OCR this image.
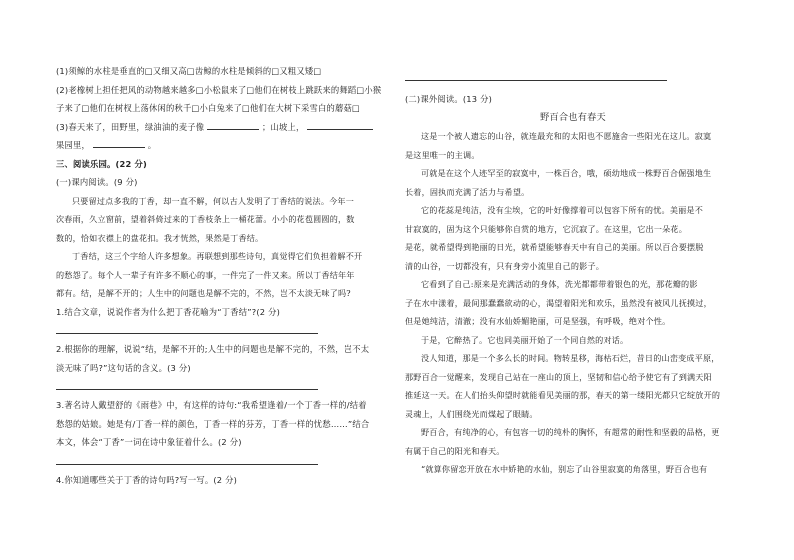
(1)须鲸的水柱是垂直的□又细又高□齿鲸的水柱是倾斜的□又粗又矮□
(2)老橡树上担任把风的动物越来越多□小松鼠来了□他们在树枝上跳跃来的舞蹈□小猴子来了□他们在树杈上荡休闲的秋千□小白兔来了□他们在大树下采雪白的蘑菇□
(3)春天来了，田野里，绿油油的麦子像	；山坡上，
果园里，	。
三、阅读乐园。(22 分)
(一)课内阅读。(9 分)
只要留过点多我的丁香，却一直不解，何以古人发明了丁香结的说法。今年一
次春雨，久立窗前，望着斜倚过来的丁香枝条上一桶花蕾。小小的花苞圆圆的，数
数的，恰如衣襟上的盘花扣。我才恍然，果然是丁香结。
丁香结，这三个字给人许多想象。再联想到那些诗句，真觉得它们负担着解不开
的愁怨了。每个人一辈子有许多不顺心的事，一件完了一件又来。所以丁香结年年
都有。结，是解不开的；人生中的问题也是解不完的，不然，岂不太淡无味了吗?
1.结合文章，说说作者为什么把丁香花喻为“丁香结”?(2 分)
2.根据你的理解，说说“结，是解不开的;人生中的问题也是解不完的，不然，岂不太
淡无味了吗?”这句话的含义。(3 分)
3.著名诗人戴望舒的《雨巷》中，有这样的诗句:“我希望逢着/一个丁香一样的/结着
愁怨的姑娘。她是有/丁香一样的颜色，丁香一样的芬芳，丁香一样的忧愁……”结合
本文，体会“丁香”一词在诗中象征着什么。(2 分)
4.你知道哪些关于丁香的诗句吗?写一写。(2 分)
(二)课外阅读。(13 分)
野百合也有春天
这是一个被人遗忘的山谷，就连最充和的太阳也不愿施舍一些阳光在这儿。寂寞
是这里唯一的主调。
可就是在这个人迹罕至的寂寞中，一株百合，哦，硕幼地成一株野百合倔强地生
长着，固执而充满了活力与希望。
它的花蕊是纯洁，没有尘埃，它的叶好像撑着可以包容下所有的忧。美丽是不
甘寂寞的，固为这个只能够你自赏的地方，它沉寂了。在这里，它出一朵花。
是花，就希望得到艳丽的日光，就希望能够春天中有自己的美丽。所以百合要摆脱
清的山谷，一切都没有，只有身旁小流里自己的影子。
它看到了自己:原来是充满活动的身体，洗光都都带着银色的光，那花瓣的影
子在水中漾着，最间那蠢蠢欲动的心，渴望着阳光和欢乐，虽然没有被风儿抚摸过，
但是她纯洁，清澈；没有水仙娇媚艳丽，可是坚强，有呼吸，绝对个性。
于是，它醉热了。它也同美丽开始了一个同自然的对话。
没人知道，那是一个多么长的时间。物转星移，海枯石烂，昔日的山峦变成平原，
那野百合一觉醒来，发现自己站在一座山的顶上，坚韧和信心给予使它有了到满天阳
推延这一天。在人们抬头仰望时就能看见美丽的那，春天的第一缕阳光都只它绽放开的
灵魂上，人们围绕光而煤起了眼睛。
野百合，有纯净的心，有包容一切的纯朴的胸怀，有超常的耐性和坚毅的品格，更
有属于自己的阳光和春天。
“就算你留恋开放在水中娇艳的水仙，别忘了山谷里寂寞的角落里，野百合也有
